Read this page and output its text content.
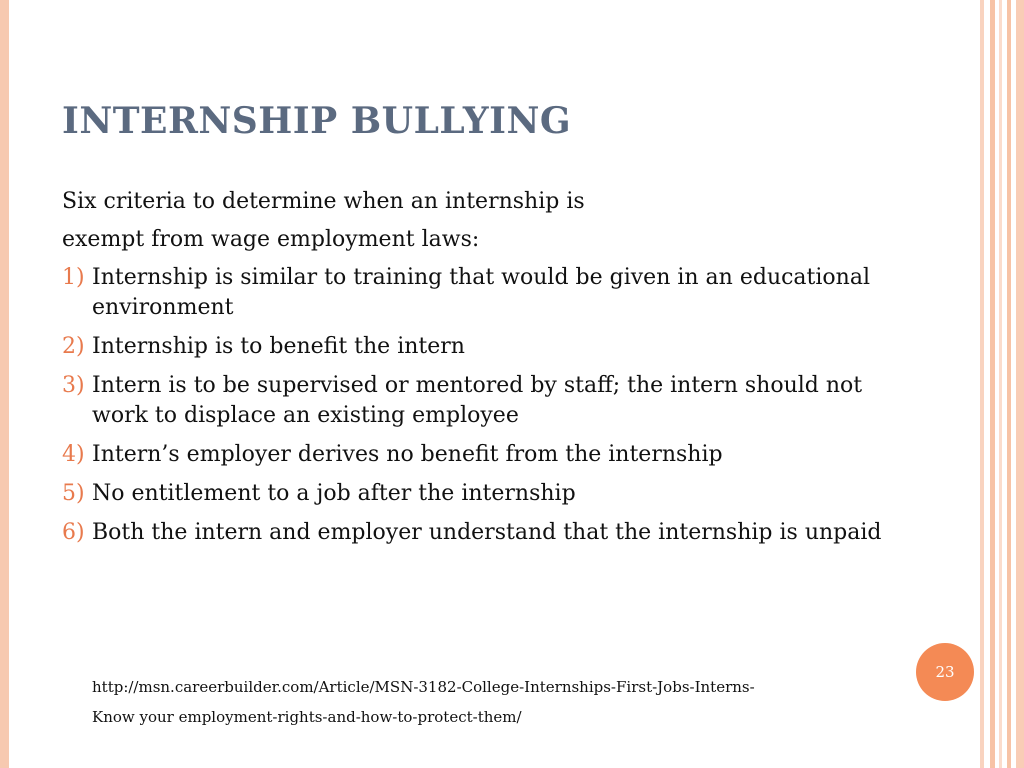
INTERNSHIP BULLYING
Six criteria to determine when an internship is
exempt from wage employment laws:
1) Internship is similar to training that would be given in an educational environment
2) Internship is to benefit the intern
3) Intern is to be supervised or mentored by staff; the intern should not work to displace an existing employee
4) Intern’s employer derives no benefit from the internship
5) No entitlement to a job after the internship
6) Both the intern and employer understand that the internship is unpaid
http://msn.careerbuilder.com/Article/MSN-3182-College-Internships-First-Jobs-Interns-
Know your employment-rights-and-how-to-protect-them/
23
